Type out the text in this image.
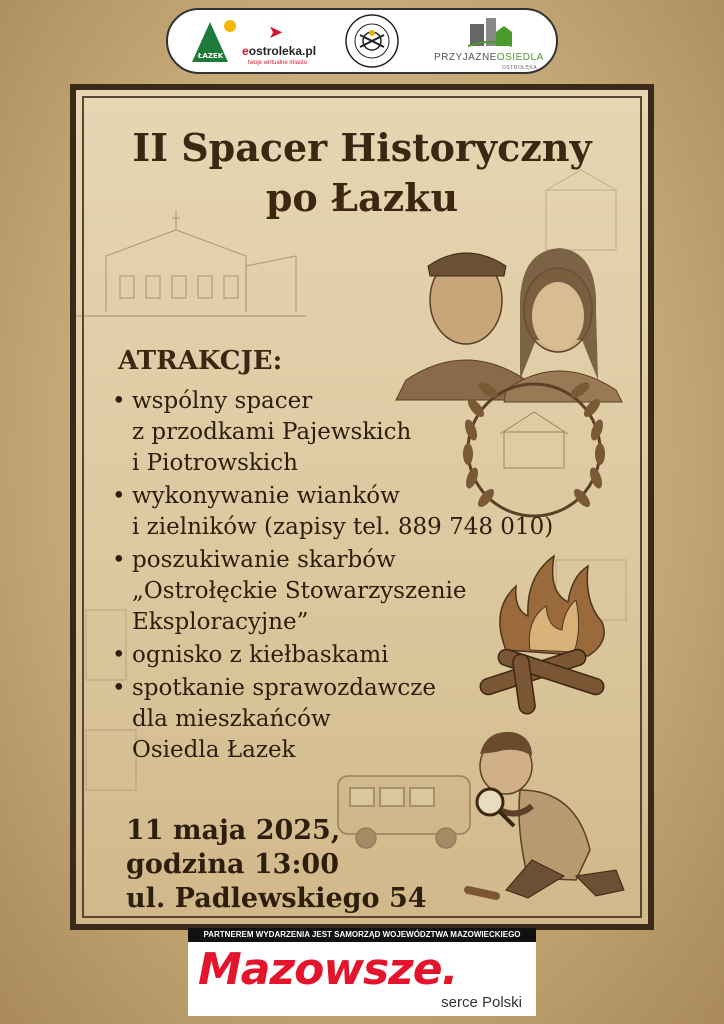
ŁAZEK
➤
eostroleka.pl
twoje wirtualne miasto	PRZYJAZNEOSIEDLA
OSTROŁĘKA
II Spacer Historyczny
po Łazku
ATRAKCJE:
• wspólny spacer
z przodkami Pajewskich
i Piotrowskich
• wykonywanie wianków
i zielników (zapisy tel. 889 748 010)
• poszukiwanie skarbów
„Ostrołęckie Stowarzyszenie
Eksploracyjne”
• ognisko z kiełbaskami
• spotkanie sprawozdawcze
dla mieszkańców
Osiedla Łazek
11 maja 2025,
godzina 13:00
ul. Padlewskiego 54
PARTNEREM WYDARZENIA JEST SAMORZĄD WOJEWÓDZTWA MAZOWIECKIEGO
Mazowsze.
serce Polski
